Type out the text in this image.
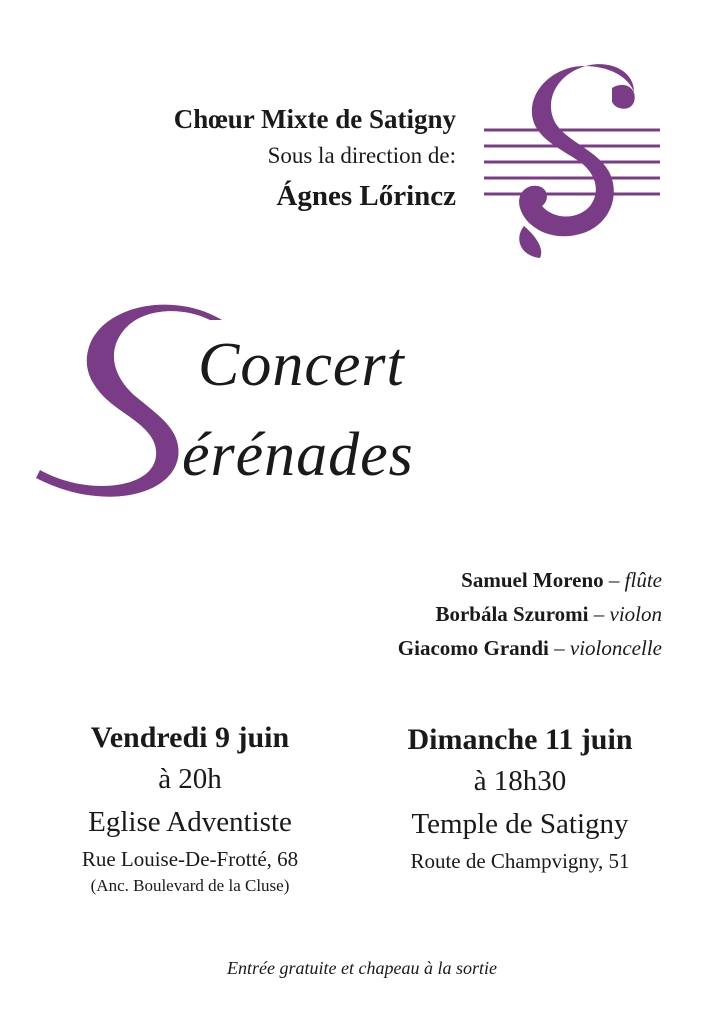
Chœur Mixte de Satigny
Sous la direction de:
Ágnes Lőrincz
Concert
érénades
Samuel Moreno – flûte
Borbála Szuromi – violon
Giacomo Grandi – violoncelle
Vendredi 9 juin
à 20h
Eglise Adventiste
Rue Louise-De-Frotté, 68
(Anc. Boulevard de la Cluse)
Dimanche 11 juin
à 18h30
Temple de Satigny
Route de Champvigny, 51
Entrée gratuite et chapeau à la sortie
